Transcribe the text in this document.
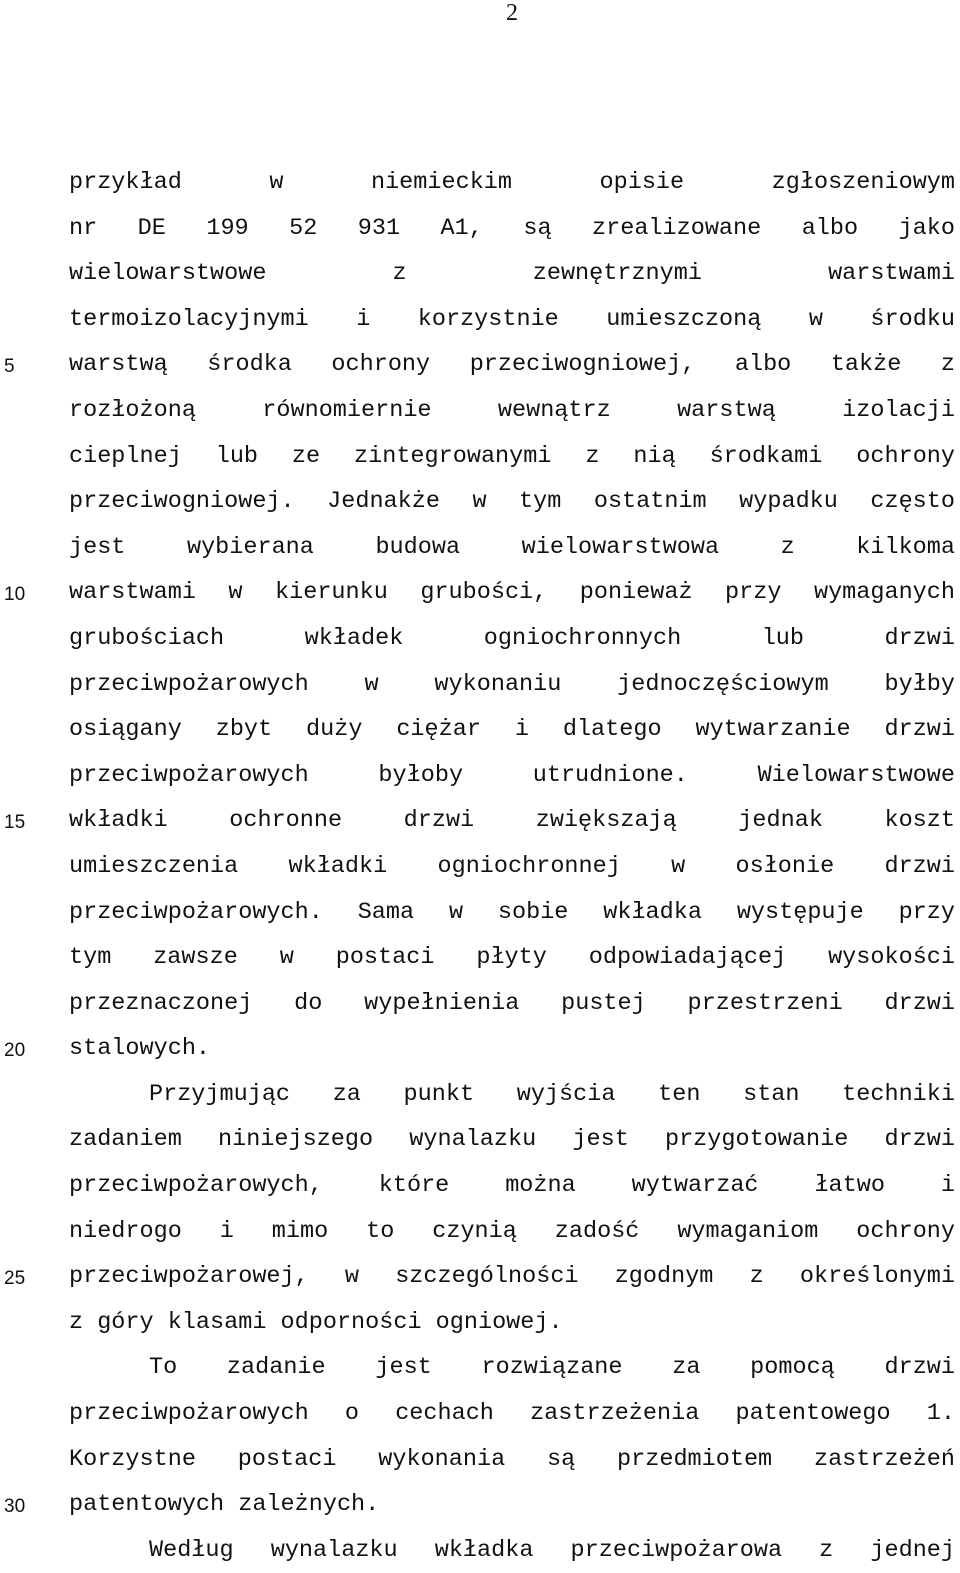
2
5
10
15
20
25
30
przykład w niemieckim opisie zgłoszeniowym
nr DE 199 52 931 A1, są zrealizowane albo jako
wielowarstwowe z zewnętrznymi warstwami
termoizolacyjnymi i korzystnie umieszczoną w środku
warstwą środka ochrony przeciwogniowej, albo także z
rozłożoną równomiernie wewnątrz warstwą izolacji
cieplnej lub ze zintegrowanymi z nią środkami ochrony
przeciwogniowej. Jednakże w tym ostatnim wypadku często
jest wybierana budowa wielowarstwowa z kilkoma
warstwami w kierunku grubości, ponieważ przy wymaganych
grubościach wkładek ogniochronnych lub drzwi
przeciwpożarowych w wykonaniu jednoczęściowym byłby
osiągany zbyt duży ciężar i dlatego wytwarzanie drzwi
przeciwpożarowych byłoby utrudnione. Wielowarstwowe
wkładki ochronne drzwi zwiększają jednak koszt
umieszczenia wkładki ogniochronnej w osłonie drzwi
przeciwpożarowych. Sama w sobie wkładka występuje przy
tym zawsze w postaci płyty odpowiadającej wysokości
przeznaczonej do wypełnienia pustej przestrzeni drzwi
stalowych.
Przyjmując za punkt wyjścia ten stan techniki
zadaniem niniejszego wynalazku jest przygotowanie drzwi
przeciwpożarowych, które można wytwarzać łatwo i
niedrogo i mimo to czynią zadość wymaganiom ochrony
przeciwpożarowej, w szczególności zgodnym z określonymi
z góry klasami odporności ogniowej.
To zadanie jest rozwiązane za pomocą drzwi
przeciwpożarowych o cechach zastrzeżenia patentowego 1.
Korzystne postaci wykonania są przedmiotem zastrzeżeń
patentowych zależnych.
Według wynalazku wkładka przeciwpożarowa z jednej
